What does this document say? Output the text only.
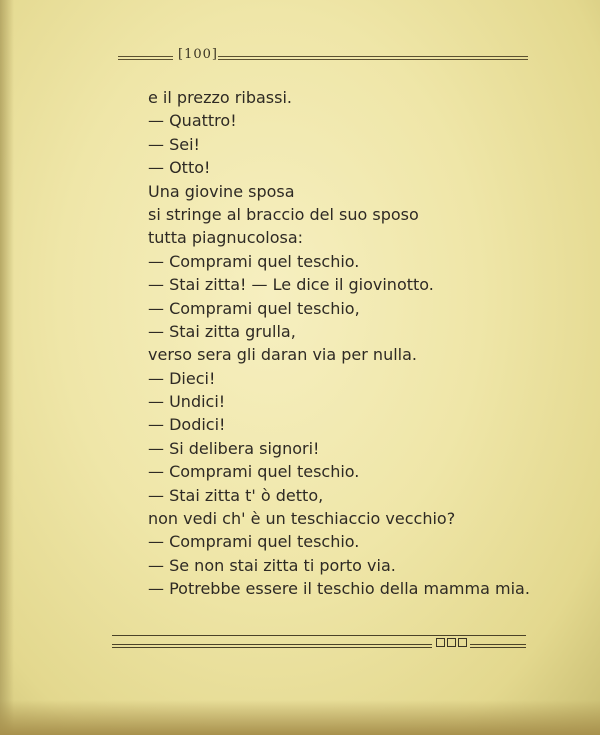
[100]
e il prezzo ribassi.
— Quattro!
— Sei!
— Otto!
Una giovine sposa
si stringe al braccio del suo sposo
tutta piagnucolosa:
— Comprami quel teschio.
— Stai zitta! — Le dice il giovinotto.
— Comprami quel teschio,
— Stai zitta grulla,
verso sera gli daran via per nulla.
— Dieci!
— Undici!
— Dodici!
— Si delibera signori!
— Comprami quel teschio.
— Stai zitta t' ò detto,
non vedi ch' è un teschiaccio vecchio?
— Comprami quel teschio.
— Se non stai zitta ti porto via.
— Potrebbe essere il teschio della mamma mia.
